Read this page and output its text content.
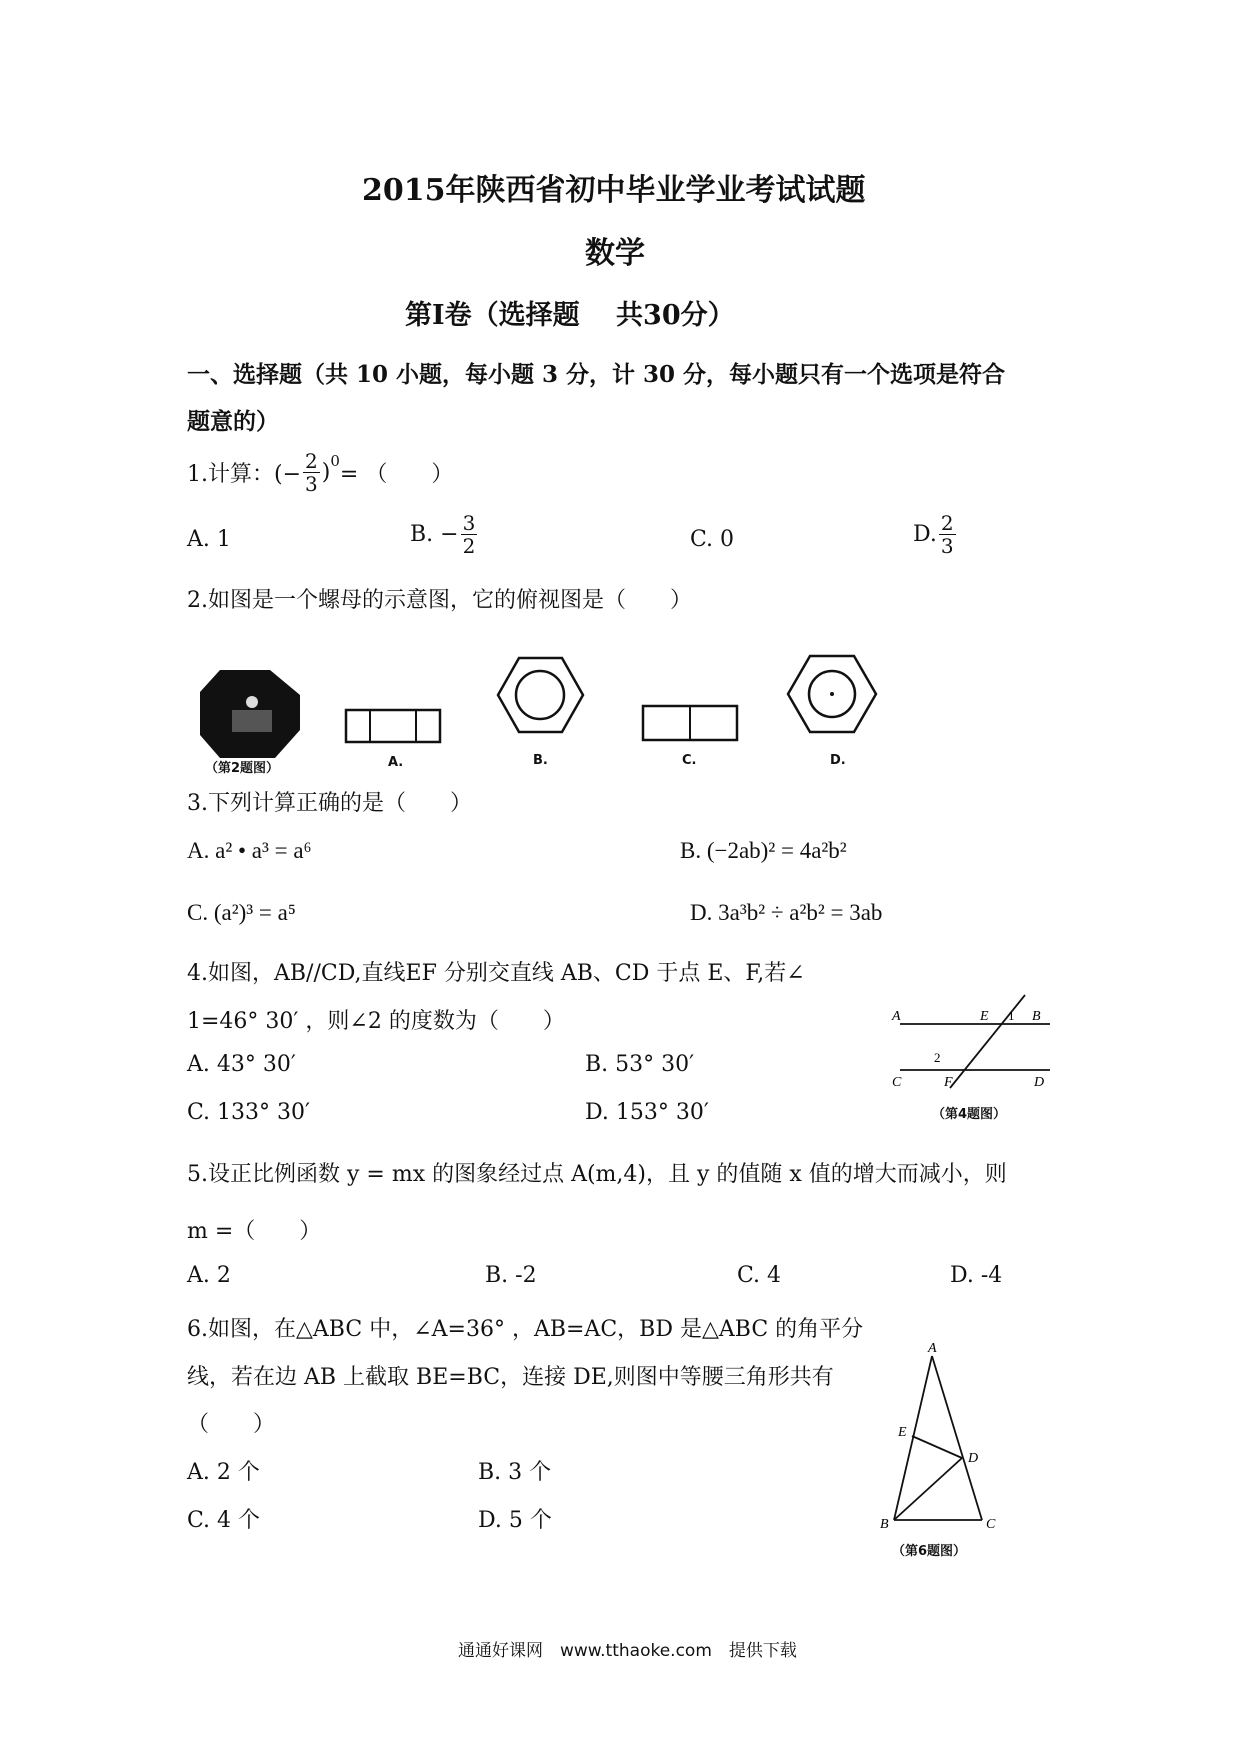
2015年陕西省初中毕业学业考试试题
数学
第Ⅰ卷（选择题　 共30分）
一、选择题（共 10 小题，每小题 3 分，计 30 分，每小题只有一个选项是符合
题意的）
1.计算：(− $\frac{2}{3} )^0$
= （　　）
A. 1	B. − $\frac{3}{2}$	C. 0	D. $\frac{2}{3}$
2.如图是一个螺母的示意图，它的俯视图是（　　）
（第2题图）	A.	B.	C.	D.
3.下列计算正确的是（　　）
A. a² • a³ = a⁶	B. (−2ab)² = 4a²b²
C. (a²)³ = a⁵	D. 3a³b² ÷ a²b² = 3ab
4.如图，AB//CD,直线EF 分别交直线 AB、CD 于点 E、F,若∠
1=46° 30′ ，则∠2 的度数为（　　）
A. 43° 30′	B. 53° 30′
C. 133° 30′	D. 153° 30′
A	E 1 B
2
C	F	D
（第4题图）
5.设正比例函数 y = mx 的图象经过点 A(m,4)，且 y 的值随 x 值的增大而减小，则
m =（　　）
A. 2	B. -2	C. 4	D. -4
6.如图，在△ABC 中，∠A=36° ，AB=AC，BD 是△ABC 的角平分
线，若在边 AB 上截取 BE=BC，连接 DE,则图中等腰三角形共有
（　　）
A. 2 个	B. 3 个
C. 4 个	D. 5 个
A
E
D
B	C
（第6题图）
通通好课网　www.tthaoke.com　提供下载
